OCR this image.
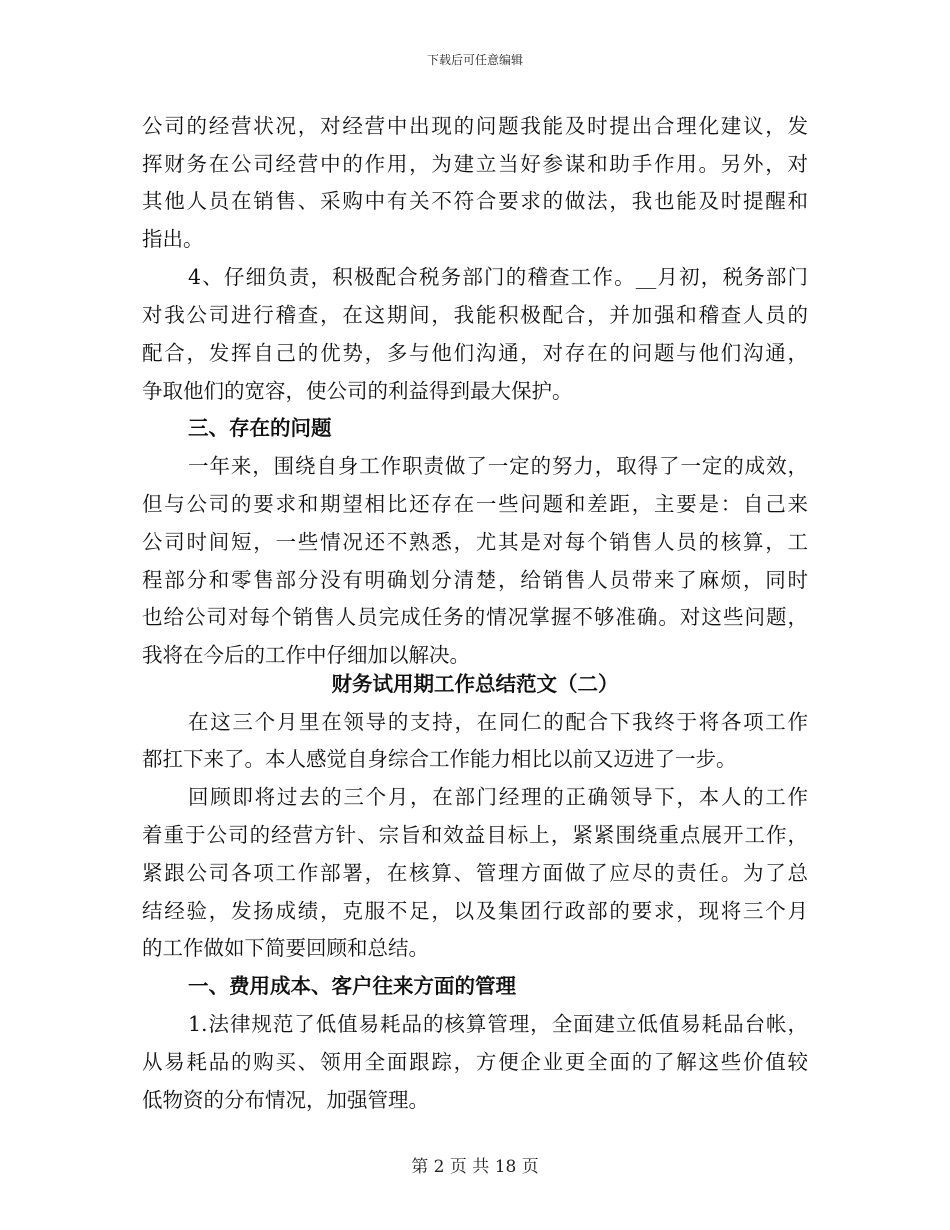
下载后可任意编辑
公司的经营状况，对经营中出现的问题我能及时提出合理化建议，发
挥财务在公司经营中的作用，为建立当好参谋和助手作用。另外，对
其他人员在销售、采购中有关不符合要求的做法，我也能及时提醒和
指出。
4、仔细负责，积极配合税务部门的稽查工作。__月初，税务部门
对我公司进行稽查，在这期间，我能积极配合，并加强和稽查人员的
配合，发挥自己的优势，多与他们沟通，对存在的问题与他们沟通，
争取他们的宽容，使公司的利益得到最大保护。
三、存在的问题
一年来，围绕自身工作职责做了一定的努力，取得了一定的成效，
但与公司的要求和期望相比还存在一些问题和差距，主要是：自己来
公司时间短，一些情况还不熟悉，尤其是对每个销售人员的核算，工
程部分和零售部分没有明确划分清楚，给销售人员带来了麻烦，同时
也给公司对每个销售人员完成任务的情况掌握不够准确。对这些问题，
我将在今后的工作中仔细加以解决。
财务试用期工作总结范文（二）
在这三个月里在领导的支持，在同仁的配合下我终于将各项工作
都扛下来了。本人感觉自身综合工作能力相比以前又迈进了一步。
回顾即将过去的三个月，在部门经理的正确领导下，本人的工作
着重于公司的经营方针、宗旨和效益目标上，紧紧围绕重点展开工作，
紧跟公司各项工作部署，在核算、管理方面做了应尽的责任。为了总
结经验，发扬成绩，克服不足，以及集团行政部的要求，现将三个月
的工作做如下简要回顾和总结。
一、费用成本、客户往来方面的管理
1.法律规范了低值易耗品的核算管理，全面建立低值易耗品台帐，
从易耗品的购买、领用全面跟踪，方便企业更全面的了解这些价值较
低物资的分布情况，加强管理。
第 2 页 共 18 页
